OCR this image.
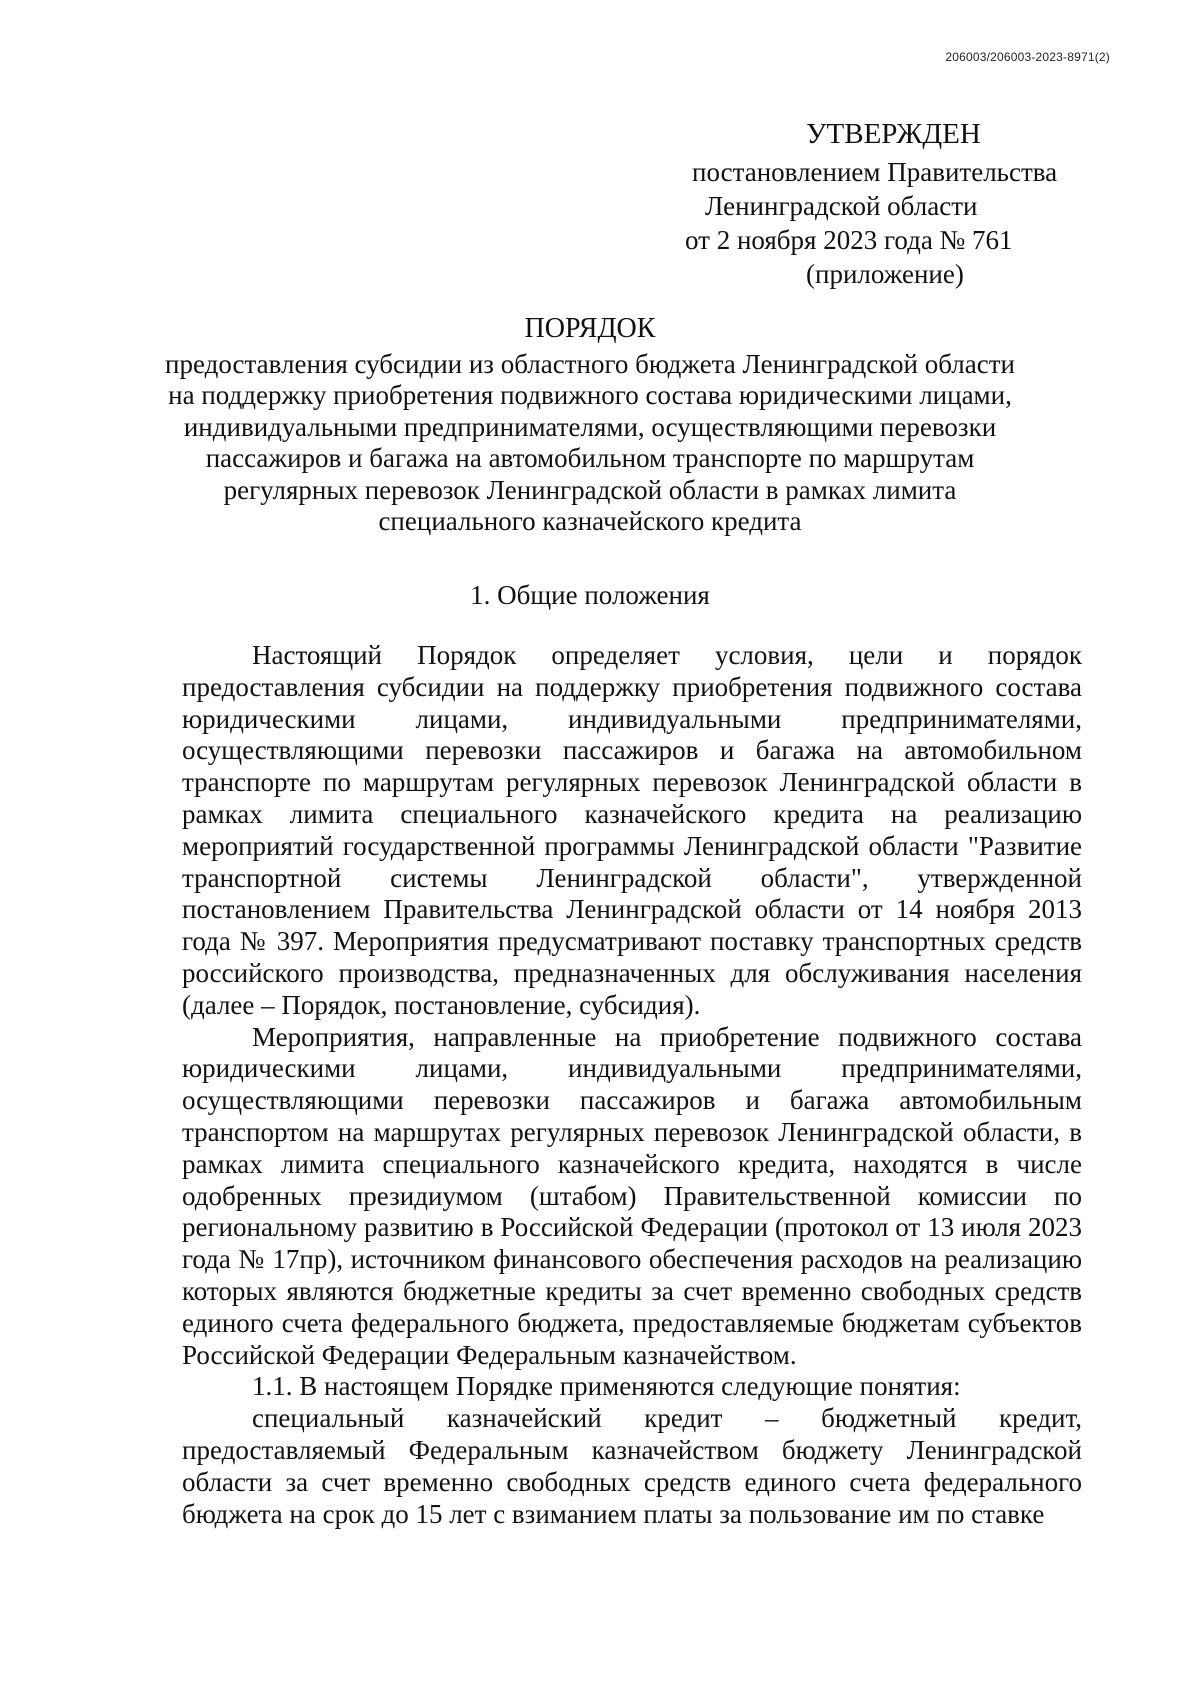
206003/206003-2023-8971(2)
УТВЕРЖДЕН
постановлением Правительства
Ленинградской области
от 2 ноября 2023 года № 761
(приложение)
ПОРЯДОК
предоставления субсидии из областного бюджета Ленинградской области
на поддержку приобретения подвижного состава юридическими лицами,
индивидуальными предпринимателями, осуществляющими перевозки
пассажиров и багажа на автомобильном транспорте по маршрутам
регулярных перевозок Ленинградской области в рамках лимита
специального казначейского кредита
1. Общие положения

Настоящий Порядок определяет условия, цели и порядок предоставления субсидии на поддержку приобретения подвижного состава юридическими лицами, индивидуальными предпринимателями, осуществляющими перевозки пассажиров и багажа на автомобильном транспорте по маршрутам регулярных перевозок Ленинградской области в рамках лимита специального казначейского кредита на реализацию мероприятий государственной программы Ленинградской области "Развитие транспортной системы Ленинградской области", утвержденной постановлением Правительства Ленинградской области от 14 ноября 2013 года № 397. Мероприятия предусматривают поставку транспортных средств российского производства, предназначенных для обслуживания населения (далее – Порядок, постановление, субсидия).

Мероприятия, направленные на приобретение подвижного состава юридическими лицами, индивидуальными предпринимателями, осуществляющими перевозки пассажиров и багажа автомобильным транспортом на маршрутах регулярных перевозок Ленинградской области, в рамках лимита специального казначейского кредита, находятся в числе одобренных президиумом (штабом) Правительственной комиссии по региональному развитию в Российской Федерации (протокол от 13 июля 2023 года № 17пр), источником финансового обеспечения расходов на реализацию которых являются бюджетные кредиты за счет временно свободных средств единого счета федерального бюджета, предоставляемые бюджетам субъектов Российской Федерации Федеральным казначейством.

1.1. В настоящем Порядке применяются следующие понятия:

специальный казначейский кредит – бюджетный кредит, предоставляемый Федеральным казначейством бюджету Ленинградской области за счет временно свободных средств единого счета федерального бюджета на срок до 15 лет с взиманием платы за пользование им по ставке
